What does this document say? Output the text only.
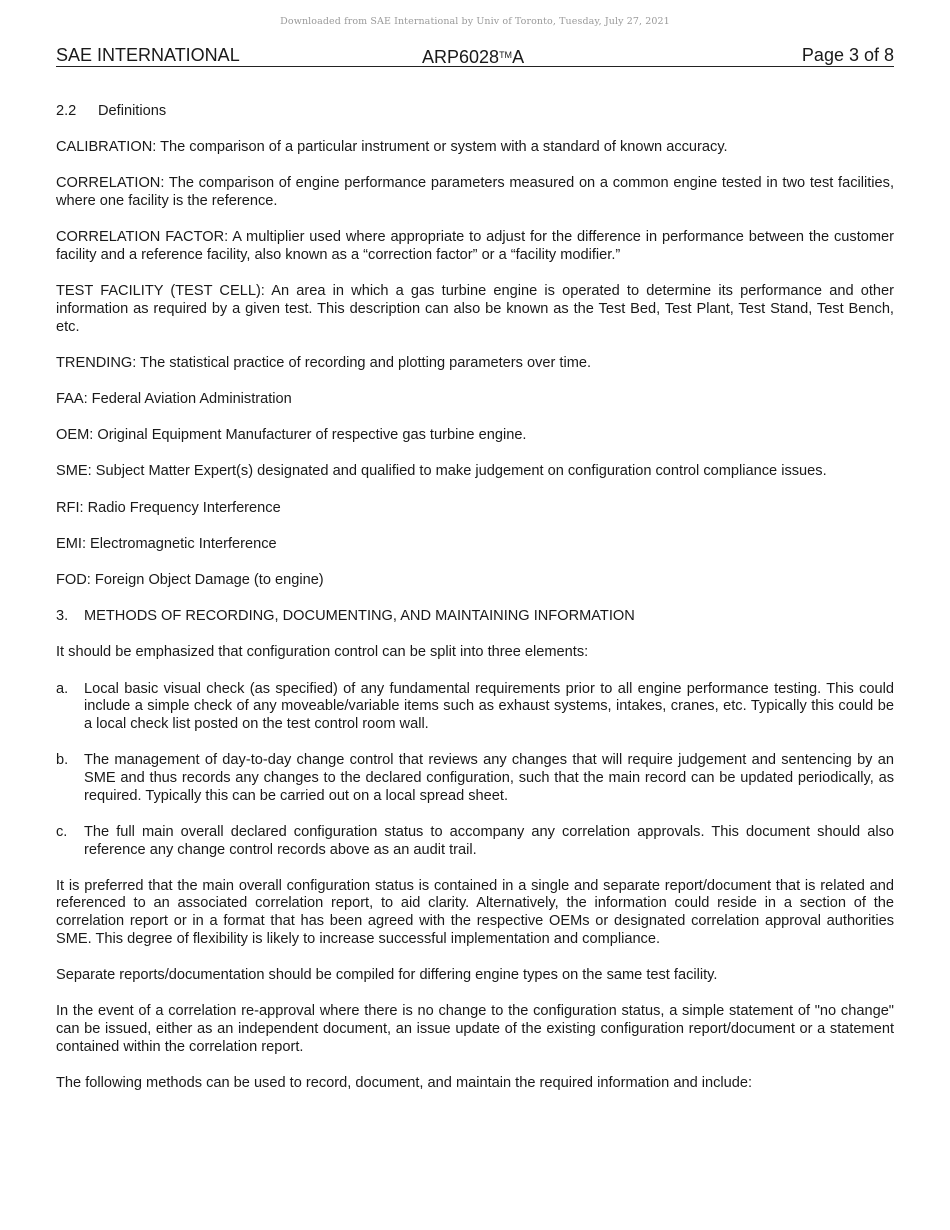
Downloaded from SAE International by Univ of Toronto, Tuesday, July 27, 2021
SAE INTERNATIONAL	ARP6028™A	Page 3 of 8
2.2	Definitions

CALIBRATION: The comparison of a particular instrument or system with a standard of known accuracy.

CORRELATION: The comparison of engine performance parameters measured on a common engine tested in two test facilities, where one facility is the reference.

CORRELATION FACTOR: A multiplier used where appropriate to adjust for the difference in performance between the customer facility and a reference facility, also known as a “correction factor” or a “facility modifier.”

TEST FACILITY (TEST CELL): An area in which a gas turbine engine is operated to determine its performance and other information as required by a given test. This description can also be known as the Test Bed, Test Plant, Test Stand, Test Bench, etc.

TRENDING: The statistical practice of recording and plotting parameters over time.

FAA: Federal Aviation Administration

OEM: Original Equipment Manufacturer of respective gas turbine engine.

SME: Subject Matter Expert(s) designated and qualified to make judgement on configuration control compliance issues.

RFI: Radio Frequency Interference

EMI: Electromagnetic Interference

FOD: Foreign Object Damage (to engine)

3.	METHODS OF RECORDING, DOCUMENTING, AND MAINTAINING INFORMATION

It should be emphasized that configuration control can be split into three elements:

a.	Local basic visual check (as specified) of any fundamental requirements prior to all engine performance testing. This could include a simple check of any moveable/variable items such as exhaust systems, intakes, cranes, etc. Typically this could be a local check list posted on the test control room wall.
b.	The management of day-to-day change control that reviews any changes that will require judgement and sentencing by an SME and thus records any changes to the declared configuration, such that the main record can be updated periodically, as required. Typically this can be carried out on a local spread sheet.
c.	The full main overall declared configuration status to accompany any correlation approvals. This document should also reference any change control records above as an audit trail.

It is preferred that the main overall configuration status is contained in a single and separate report/document that is related and referenced to an associated correlation report, to aid clarity. Alternatively, the information could reside in a section of the correlation report or in a format that has been agreed with the respective OEMs or designated correlation approval authorities SME. This degree of flexibility is likely to increase successful implementation and compliance.

Separate reports/documentation should be compiled for differing engine types on the same test facility.

In the event of a correlation re-approval where there is no change to the configuration status, a simple statement of "no change" can be issued, either as an independent document, an issue update of the existing configuration report/document or a statement contained within the correlation report.

The following methods can be used to record, document, and maintain the required information and include:
